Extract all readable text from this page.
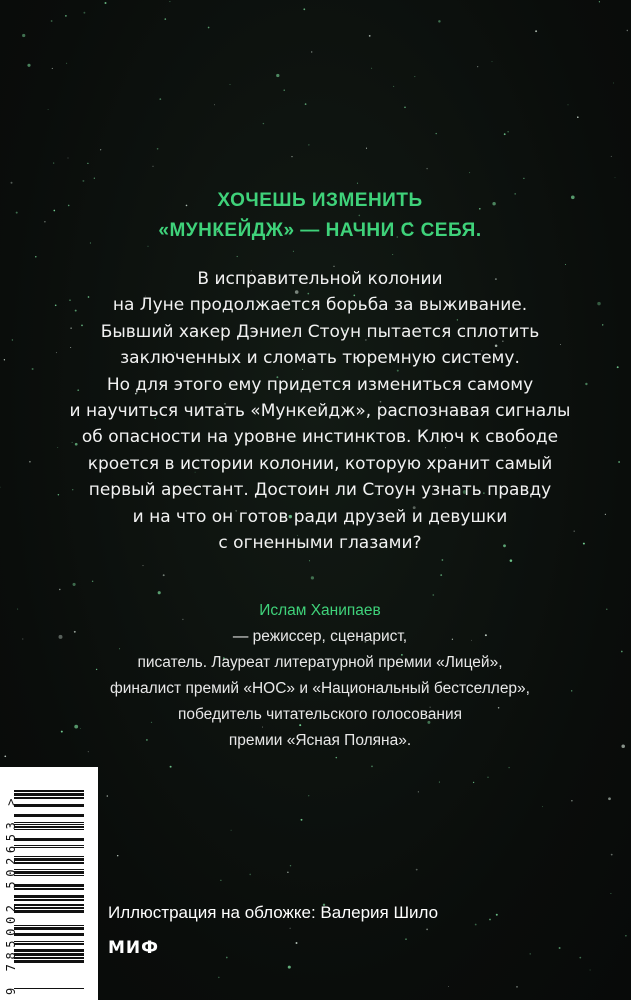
ХОЧЕШЬ ИЗМЕНИТЬ
«МУНКЕЙДЖ» — НАЧНИ С СЕБЯ.

В исправительной колонии
на Луне продолжается борьба за выживание.
Бывший хакер Дэниел Стоун пытается сплотить
заключенных и сломать тюремную систему.
Но для этого ему придется измениться самому
и научиться читать «Мункейдж», распознавая сигналы
об опасности на уровне инстинктов. Ключ к свободе
кроется в истории колонии, которую хранит самый
первый арестант. Достоин ли Стоун узнать правду
и на что он готов ради друзей и девушки
с огненными глазами?

Ислам Ханипаев
— режиссер, сценарист,
писатель. Лауреат литературной премии «Лицей»,
финалист премий «НОС» и «Национальный бестселлер»,
победитель читательского голосования
премии «Ясная Поляна».

9 785002 502653 >	Иллюстрация на обложке: Валерия Шило

МИФ
